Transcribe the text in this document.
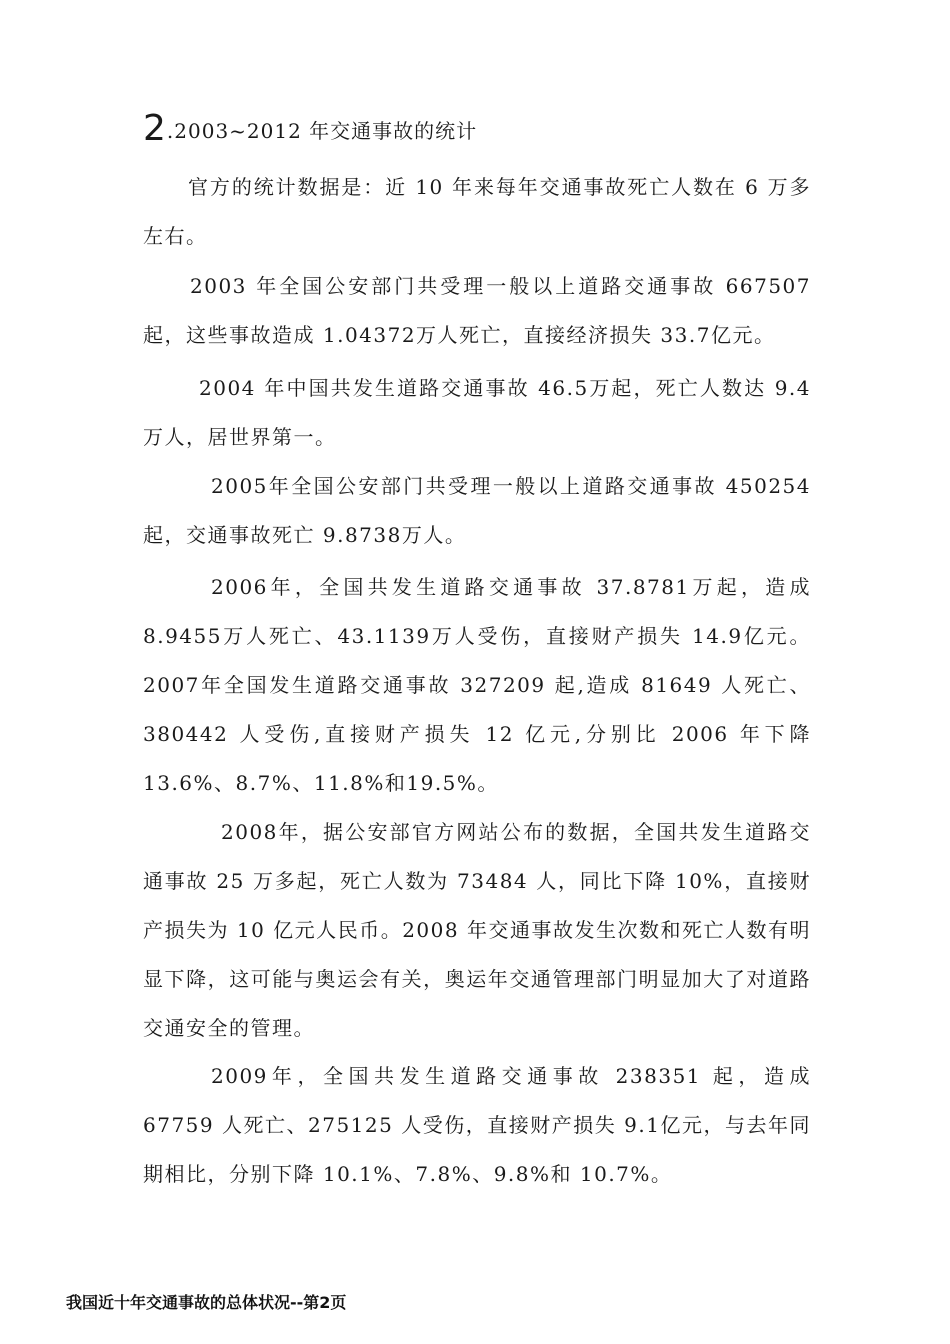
2.2003~2012 年交通事故的统计

官方的统计数据是：近 10 年来每年交通事故死亡人数在 6 万多左右。

2003 年全国公安部门共受理一般以上道路交通事故 667507 起，这些事故造成 1.04372万人死亡，直接经济损失 33.7亿元。

2004 年中国共发生道路交通事故 46.5万起，死亡人数达 9.4万人，居世界第一。

2005年全国公安部门共受理一般以上道路交通事故 450254 起，交通事故死亡 9.8738万人。

2006年，全国共发生道路交通事故 37.8781万起，造成 8.9455万人死亡、43.1139万人受伤，直接财产损失 14.9亿元。 2007年全国发生道路交通事故 327209 起,造成 81649 人死亡、380442 人受伤,直接财产损失 12 亿元,分别比 2006 年下降 13.6%、8.7%、11.8%和19.5%。

2008年，据公安部官方网站公布的数据，全国共发生道路交通事故 25 万多起，死亡人数为 73484 人，同比下降 10%，直接财产损失为 10 亿元人民币。2008 年交通事故发生次数和死亡人数有明显下降，这可能与奥运会有关，奥运年交通管理部门明显加大了对道路交通安全的管理。

2009年，全国共发生道路交通事故 238351 起，造成 67759 人死亡、275125 人受伤，直接财产损失 9.1亿元，与去年同期相比，分别下降 10.1%、7.8%、9.8%和 10.7%。

我国近十年交通事故的总体状况--第2页
